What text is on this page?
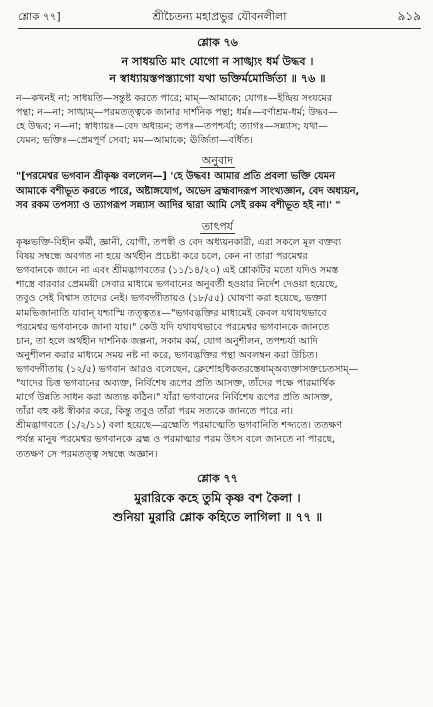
শ্লোক ৭৭]	শ্রীচৈতন্য মহাপ্রভুর যৌবনলীলা	৯১৯
শ্লোক ৭৬
ন সাধয়তি মাং যোগো ন সাঙ্খ্যং ধর্ম উদ্ধব ।
ন স্বাধ্যায়স্তপস্ত্যাগো যথা ভক্তির্মমোর্জিতা ॥ ৭৬ ॥
ন—কখনই না; সাধয়তি—সন্তুষ্ট করতে পারে; মাম্—আমাকে; যোগঃ—ইন্দ্রিয় সংযমের
পন্থা; ন—না; সাঙ্খ্যম্—পরমতত্ত্বকে জানার দার্শনিক পন্থা; ধর্মঃ—বর্ণাশ্রম-ধর্ম; উদ্ধব—
হে উদ্ধব; ন—না; স্বাধ্যায়ঃ—বেদ অধ্যয়ন; তপঃ—তপশ্চর্যা; ত্যাগঃ—সন্ন্যাস; যথা—
যেমন; ভক্তিঃ—প্রেমপূর্ণ সেবা; মম—আমাকে; ঊর্জিতা—বর্ধিত।
অনুবাদ
"[পরমেশ্বর ভগবান শ্রীকৃষ্ণ বললেন—] 'হে উদ্ধব! আমার প্রতি প্রবলা ভক্তি যেমন
আমাকে বশীভূত করতে পারে, অষ্টাঙ্গযোগ, অভেদ ব্রহ্মবাদরূপ সাংখ্যজ্ঞান, বেদ অধ্যয়ন,
সব রকম তপস্যা ও ত্যাগরূপ সন্ন্যাস আদির দ্বারা আমি সেই রকম বশীভূত হই না।' "
তাৎপর্য

কৃষ্ণভক্তি-বিহীন কর্মী, জ্ঞানী, যোগী, তপস্বী ও বেদ অধ্যয়নকারী, এরা সকলে মূল বক্তব্য

বিষয় সম্বন্ধে অবগত না হয়ে অর্থহীন প্রচেষ্টা করে চলে, কেন না তারা পরমেশ্বর

ভগবানকে জানে না এবং শ্রীমদ্ভাগবতের (১১/১৪/২০) এই শ্লোকটির মতো যদিও সমস্ত

শাস্ত্রে বারবার প্রেমময়ী সেবার মাধ্যমে ভগবানের অনুবর্তী হওয়ার নির্দেশ দেওয়া হয়েছে,

তবুও সেই বিশ্বাস তাদের নেই। ভগবদ্গীতায়ও (১৮/৫৫) ঘোষণা করা হয়েছে, ভক্ত্যা

মামভিজানাতি যাবান্ যশ্চাস্মি তত্ত্বতঃ—"ভগবদ্ভক্তির মাধ্যমেই কেবল যথাযথভাবে

পরমেশ্বর ভগবানকে জানা যায়।" কেউ যদি যথাযথভাবে পরমেশ্বর ভগবানকে জানতে

চান, তা হলে অর্থহীন দার্শনিক জল্পনা, সকাম কর্ম, যোগ অনুশীলন, তপশ্চর্যা আদি

অনুশীলন করার মাধ্যমে সময় নষ্ট না করে, ভগবদ্ভক্তির পন্থা অবলম্বন করা উচিত।

ভগবদ্গীতায় (১২/৫) ভগবান আরও বলেছেন, ক্লেশোহধিকতরস্তেষাম্‌অব্যক্তাসক্তচেতসাম্—

"যাদের চিত্ত ভগবানের অব্যক্ত, নির্বিশেষ রূপের প্রতি আসক্ত, তাঁদের পক্ষে পারমার্থিক

মার্গে উন্নতি সাধন করা অত্যন্ত কঠিন।" যাঁরা ভগবানের নির্বিশেষ রূপের প্রতি আসক্ত,

তাঁরা বহু কষ্ট স্বীকার করে, কিন্তু তবুও তাঁরা পরম সত্যকে জানতে পারে না।

শ্রীমদ্ভাগবতে (১/২/১১) বলা হয়েছে—ব্রহ্মেতি পরমাত্মেতি ভগবানিতি শব্দ্যতে। ততক্ষণ

পর্যন্ত মানুষ পরমেশ্বর ভগবানকে ব্রহ্ম ও পরমাত্মার পরম উৎস বলে জানতে না পারছে,

ততক্ষণ সে পরমতত্ত্ব সম্বন্ধে অজ্ঞান।

শ্লোক ৭৭
মুরারিকে কহে তুমি কৃষ্ণ বশ কৈলা ।
শুনিয়া মুরারি শ্লোক কহিতে লাগিলা ॥ ৭৭ ॥
